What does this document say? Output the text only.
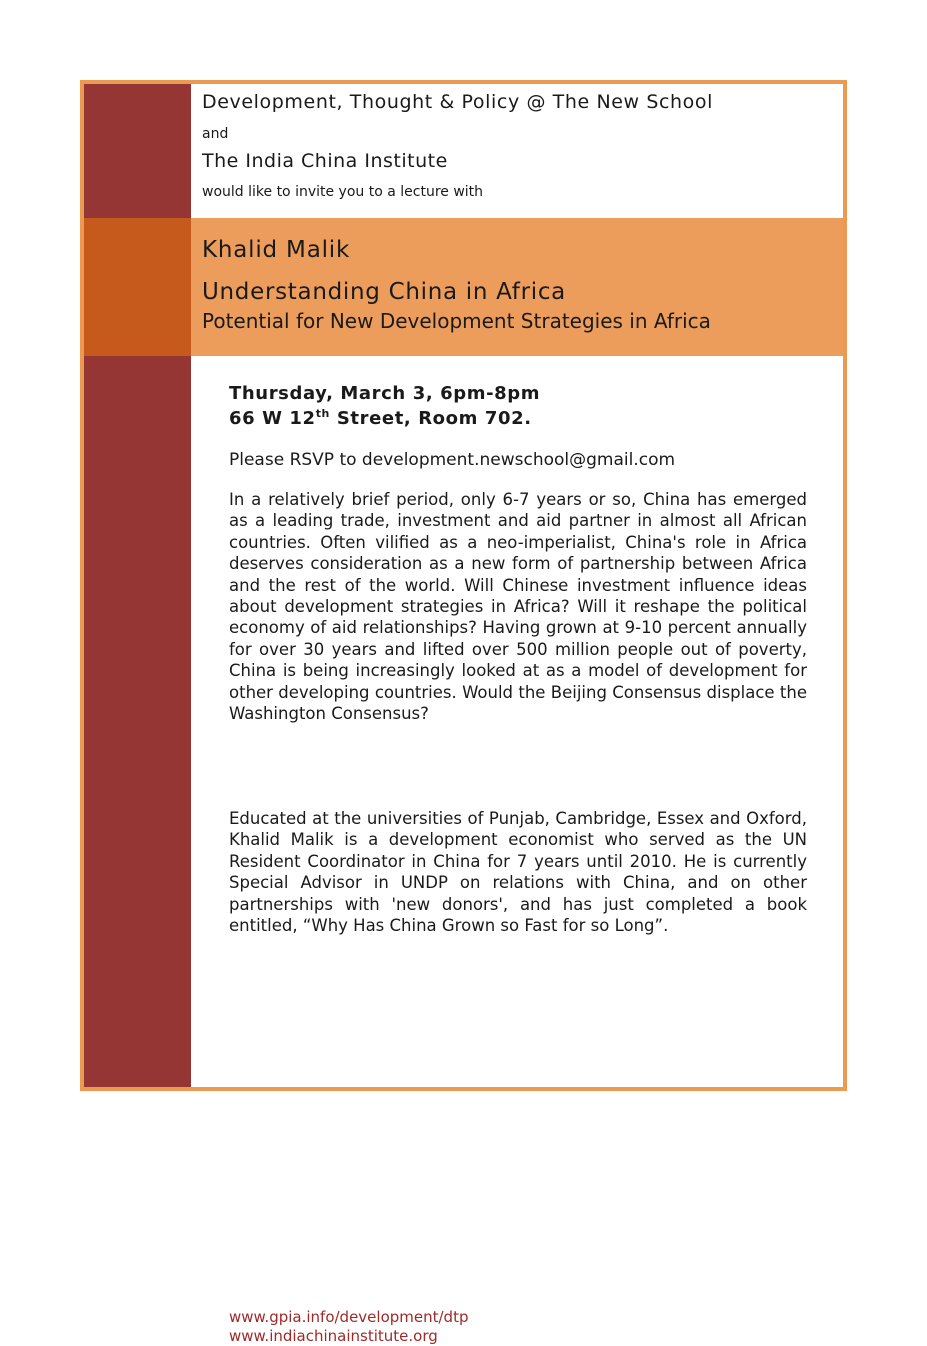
Development, Thought & Policy @ The New School
and
The India China Institute
would like to invite you to a lecture with
Khalid Malik
Understanding China in Africa
Potential for New Development Strategies in Africa
Thursday, March 3, 6pm-8pm
66 W 12th Street, Room 702.
Please RSVP to development.newschool@gmail.com

In a relatively brief period, only 6-7 years or so, China has emerged as a leading trade, investment and aid partner in almost all African countries. Often vilified as a neo-imperialist, China's role in Africa deserves consideration as a new form of partnership between Africa and the rest of the world. Will Chinese investment influence ideas about development strategies in Africa? Will it reshape the political economy of aid relationships? Having grown at 9-10 percent annually for over 30 years and lifted over 500 million people out of poverty, China is being increasingly looked at as a model of development for other developing countries. Would the Beijing Consensus displace the Washington Consensus?

Educated at the universities of Punjab, Cambridge, Essex and Oxford, Khalid Malik is a development economist who served as the UN Resident Coordinator in China for 7 years until 2010. He is currently Special Advisor in UNDP on relations with China, and on other partnerships with 'new donors', and has just completed a book entitled, “Why Has China Grown so Fast for so Long”.

www.gpia.info/development/dtp
www.indiachinainstitute.org
